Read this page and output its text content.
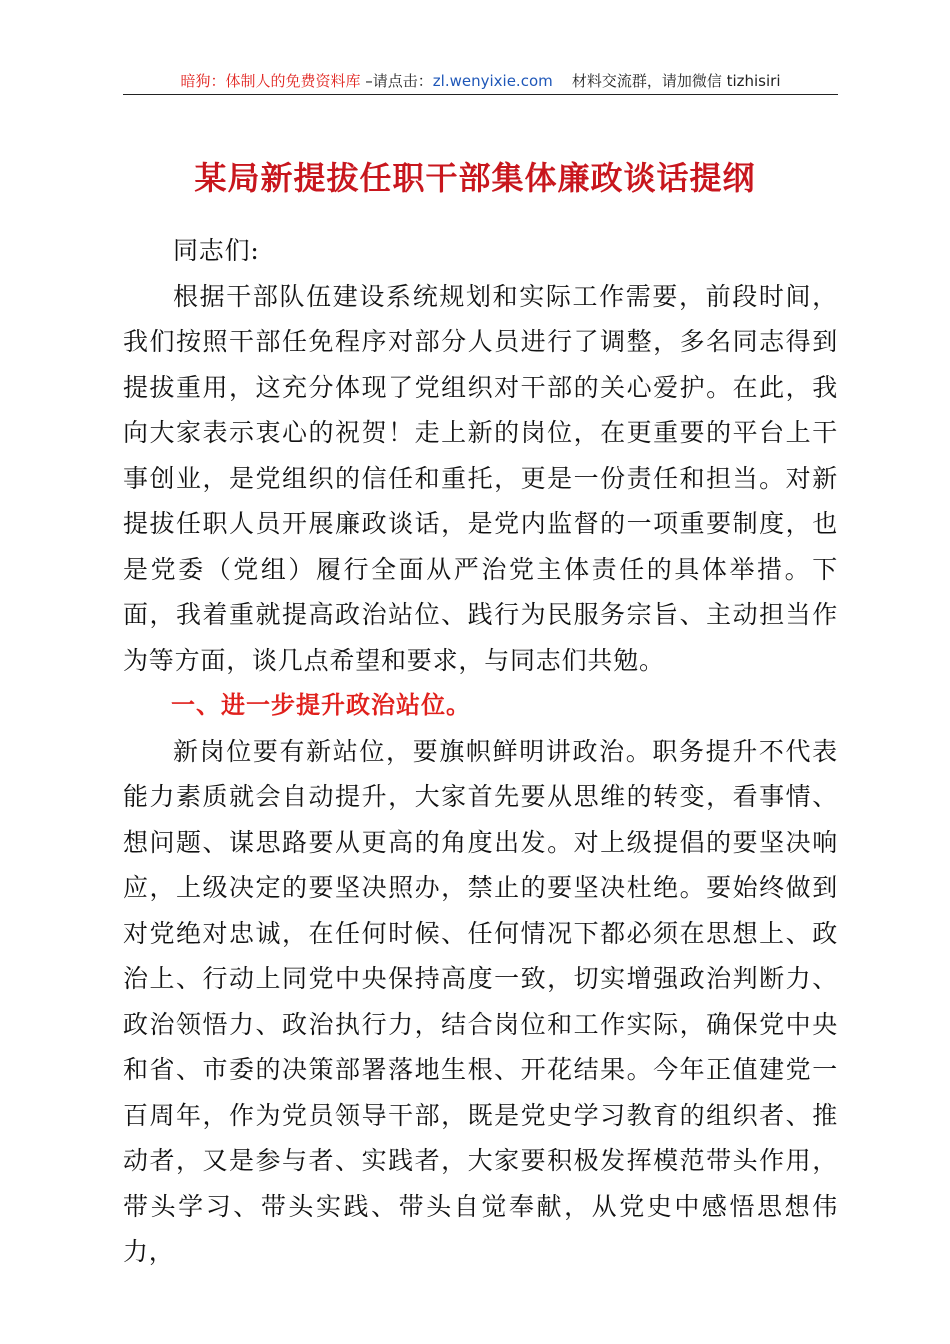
暗狗：体制人的免费资料库 –请点击：zl.wenyixie.com 材料交流群，请加微信 tizhisiri
某局新提拔任职干部集体廉政谈话提纲

同志们:

根据干部队伍建设系统规划和实际工作需要，前段时间，我们按照干部任免程序对部分人员进行了调整，多名同志得到提拔重用，这充分体现了党组织对干部的关心爱护。在此，我向大家表示衷心的祝贺！走上新的岗位，在更重要的平台上干事创业，是党组织的信任和重托，更是一份责任和担当。对新提拔任职人员开展廉政谈话，是党内监督的一项重要制度，也是党委（党组）履行全面从严治党主体责任的具体举措。下面，我着重就提高政治站位、践行为民服务宗旨、主动担当作为等方面，谈几点希望和要求，与同志们共勉。

一、进一步提升政治站位。

新岗位要有新站位，要旗帜鲜明讲政治。职务提升不代表能力素质就会自动提升，大家首先要从思维的转变，看事情、想问题、谋思路要从更高的角度出发。对上级提倡的要坚决响应，上级决定的要坚决照办，禁止的要坚决杜绝。要始终做到对党绝对忠诚，在任何时候、任何情况下都必须在思想上、政治上、行动上同党中央保持高度一致，切实增强政治判断力、政治领悟力、政治执行力，结合岗位和工作实际，确保党中央和省、市委的决策部署落地生根、开花结果。今年正值建党一百周年，作为党员领导干部，既是党史学习教育的组织者、推动者，又是参与者、实践者，大家要积极发挥模范带头作用，带头学习、带头实践、带头自觉奉献，从党史中感悟思想伟力，
